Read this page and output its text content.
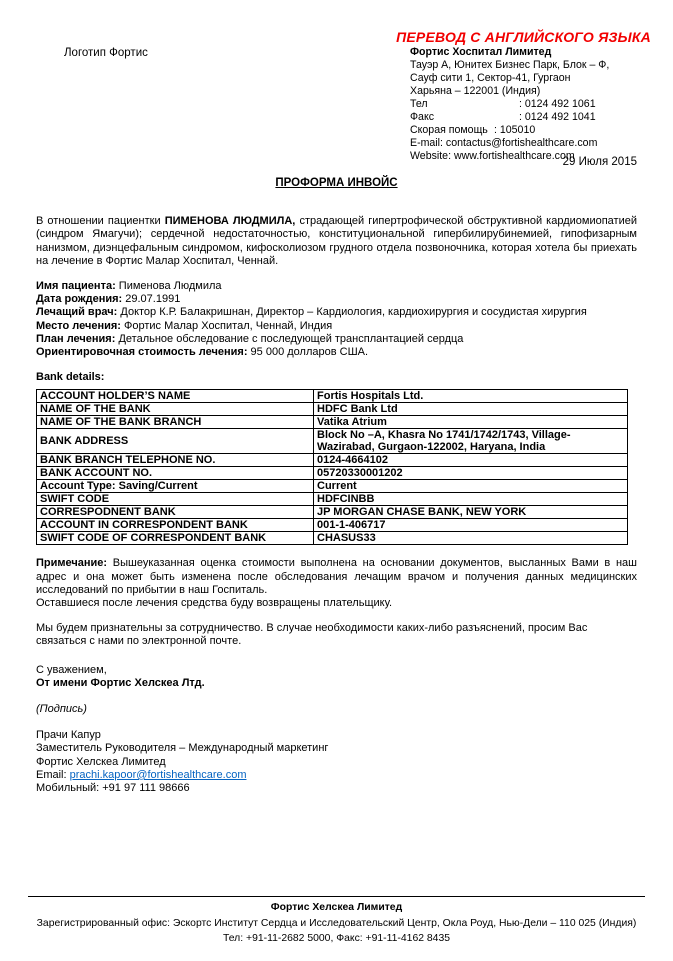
Логотип Фортис
ПЕРЕВОД С АНГЛИЙСКОГО ЯЗЫКА
Фортис Хоспитал Лимитед
Тауэр А, Юнитех Бизнес Парк, Блок – Ф,
Сауф сити 1, Сектор-41, Гургаон
Харьяна – 122001 (Индия)
Тел	: 0124 492 1061
Факс	: 0124 492 1041
Скорая помощь : 105010
E-mail: contactus@fortishealthcare.com
Website: www.fortishealthcare.com
29 Июля 2015
ПРОФОРМА ИНВОЙС

В отношении пациентки ПИМЕНОВА ЛЮДМИЛА, страдающей гипертрофической обструктивной кардиомиопатией (синдром Ямагучи); сердечной недостаточностью, конституциональной гипербилирубинемией, гипофизарным нанизмом, диэнцефальным синдромом, кифосколиозом грудного отдела позвоночника, которая хотела бы приехать на лечение в Фортис Малар Хоспитал, Ченнай.

Имя пациента: Пименова Людмила
Дата рождения: 29.07.1991
Лечащий врач: Доктор К.Р. Балакришнан, Директор – Кардиология, кардиохирургия и сосудистая хирургия
Место лечения: Фортис Малар Хоспитал, Ченнай, Индия
План лечения: Детальное обследование с последующей трансплантацией сердца
Ориентировочная стоимость лечения: 95 000 долларов США.
Bank details:
ACCOUNT HOLDER’S NAME	Fortis Hospitals Ltd.
NAME OF THE BANK	HDFC Bank Ltd
NAME OF THE BANK BRANCH	Vatika Atrium
BANK ADDRESS	Block No –A, Khasra No 1741/1742/1743, Village-Wazirabad, Gurgaon-122002, Haryana, India
BANK BRANCH TELEPHONE NO.	0124-4664102
BANK ACCOUNT NO.	05720330001202
Account Type: Saving/Current	Current
SWIFT CODE	HDFCINBB
CORRESPODNENT BANK	JP MORGAN CHASE BANK, NEW YORK
ACCOUNT IN CORRESPONDENT BANK	001-1-406717
SWIFT CODE OF CORRESPONDENT BANK	CHASUS33

Примечание: Вышеуказанная оценка стоимости выполнена на основании документов, высланных Вами в наш адрес и она может быть изменена после обследования лечащим врачом и получения данных медицинских исследований по прибытии в наш Госпиталь.

Оставшиеся после лечения средства буду возвращены плательщику.

Мы будем признательны за сотрудничество. В случае необходимости каких-либо разъяснений, просим Вас связаться с нами по электронной почте.

С уважением,
От имени Фортис Хелскеа Лтд.
(Подпись)
Прачи Капур
Заместитель Руководителя – Международный маркетинг
Фортис Хелскеа Лимитед
Email: prachi.kapoor@fortishealthcare.com
Мобильный: +91 97 111 98666
Фортис Хелскеа Лимитед
Зарегистрированный офис: Эскортс Институт Сердца и Исследовательский Центр, Окла Роуд, Нью-Дели – 110 025 (Индия)
Тел: +91-11-2682 5000, Факс: +91-11-4162 8435
